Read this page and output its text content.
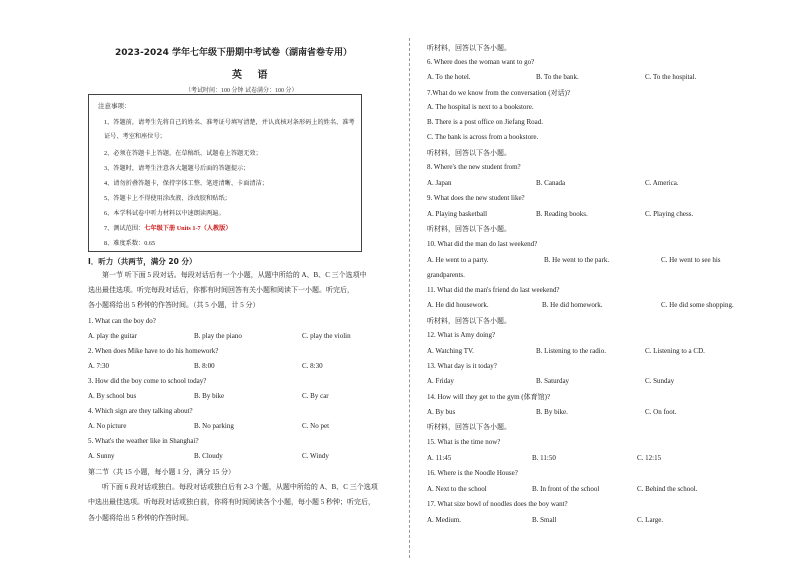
2023-2024 学年七年级下册期中考试卷（湖南省卷专用）
英 语
（考试时间：100 分钟 试卷满分：100 分）
注意事项：
1、答题前，请考生先将自己的姓名、准考证号填写清楚，并认真核对条形码上的姓名、准考证号、考室和座位号；
2、必须在答题卡上答题，在草稿纸、试题卷上答题无效；
3、答题时，请考生注意各大题题号后面的答题提示；
4、请勿折叠答题卡，保持字体工整、笔迹清晰、卡面清洁；
5、答题卡上不得使用涂改液、涂改胶和贴纸；
6、本学科试卷中听力材料以中速朗读两遍。
7、测试范围：七年级下册 Units 1-7（人教版）
8、难度系数：0.65
I．听力（共两节，满分 20 分）
第一节 听下面 5 段对话。每段对话后有一个小题，从题中所给的 A、B、C 三个选项中
选出最佳选项。听完每段对话后，你都有时间回答有关小题和阅读下一小题。听完后，
各小题将给出 5 秒钟的作答时间。（共 5 小题，计 5 分）
1. What can the boy do?
A. play the guitar	B. play the piano	C. play the violin
2. When does Mike have to do his homework?
A. 7:30	B. 8:00	C. 8:30
3. How did the boy come to school today?
A. By school bus	B. By bike	C. By car
4. Which sign are they talking about?
A. No picture	B. No parking	C. No pet
5. What's the weather like in Shanghai?
A. Sunny	B. Cloudy	C. Windy
第二节（共 15 小题，每小题 1 分，满分 15 分）
听下面 6 段对话或独白。每段对话或独白后有 2-3 个题，从题中所给的 A、B、C 三个选项
中选出最佳选项。听每段对话或独白前，你将有时间阅读各个小题，每小题 5 秒钟；听完后，
各小题将给出 5 秒钟的作答时间。
听材料，回答以下各小题。
6. Where does the woman want to go?
A. To the hotel.	B. To the bank.	C. To the hospital.
7.What do we know from the conversation (对话)?
A. The hospital is next to a bookstore.
B. There is a post office on Jiefang Road.
C. The bank is across from a bookstore.
听材料，回答以下各小题。
8. Where's the new student from?
A. Japan	B. Canada	C. America.
9. What does the new student like?
A. Playing basketball	B. Reading books.	C. Playing chess.
听材料，回答以下各小题。
10. What did the man do last weekend?
A. He went to a party.	B. He went to the park.	C. He went to see his
grandparents.
11. What did the man's friend do last weekend?
A. He did housework.	B. He did homework.	C. He did some shopping.
听材料，回答以下各小题。
12. What is Amy doing?
A. Watching TV.	B. Listening to the radio.	C. Listening to a CD.
13. What day is it today?
A. Friday	B. Saturday	C. Sunday
14. How will they get to the gym (体育馆)?
A. By bus	B. By bike.	C. On foot.
听材料，回答以下各小题。
15. What is the time now?
A. 11:45	B. 11:50	C. 12:15
16. Where is the Noodle House?
A. Next to the school	B. In front of the school	C. Behind the school.
17. What size bowl of noodles does the boy want?
A. Medium.	B. Small	C. Large.
